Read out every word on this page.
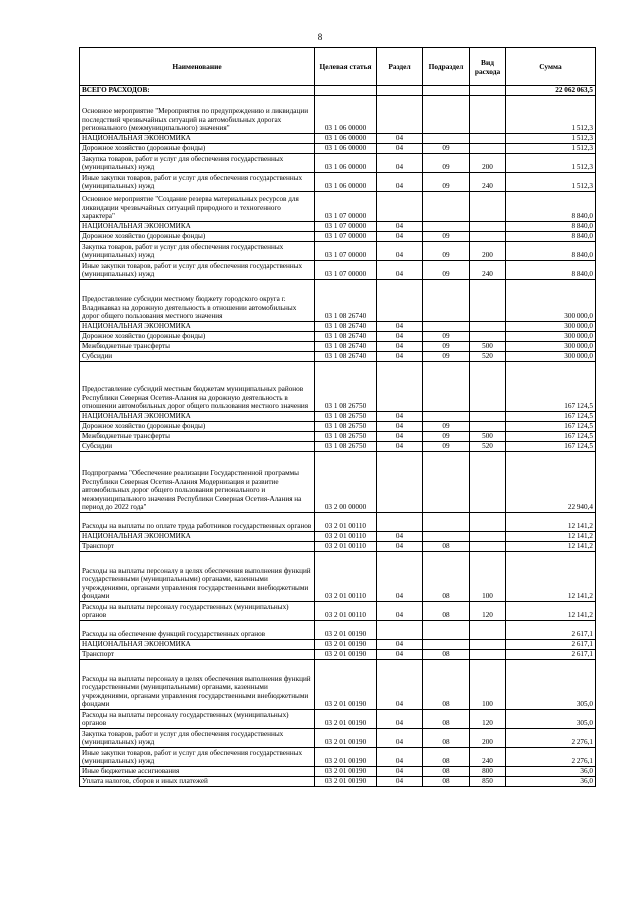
8
Наименование	Целевая статья	Раздел	Подраздел	Вид расхода	Сумма
ВСЕГО РАСХОДОВ:					22 062 063,5
Основное мероприятие "Мероприятия по предупреждению и ликвидации последствий чрезвычайных ситуаций на автомобильных дорогах регионального (межмуниципального) значения"	03 1 06 00000				1 512,3
НАЦИОНАЛЬНАЯ ЭКОНОМИКА	03 1 06 00000	04			1 512,3
Дорожное хозяйство (дорожные фонды)	03 1 06 00000	04	09		1 512,3
Закупка товаров, работ и услуг для обеспечения государственных (муниципальных) нужд	03 1 06 00000	04	09	200	1 512,3
Иные закупки товаров, работ и услуг для обеспечения государственных (муниципальных) нужд	03 1 06 00000	04	09	240	1 512,3
Основное мероприятие "Создание резерва материальных ресурсов для ликвидации чрезвычайных ситуаций природного и техногенного характера"	03 1 07 00000				8 840,0
НАЦИОНАЛЬНАЯ ЭКОНОМИКА	03 1 07 00000	04			8 840,0
Дорожное хозяйство (дорожные фонды)	03 1 07 00000	04	09		8 840,0
Закупка товаров, работ и услуг для обеспечения государственных (муниципальных) нужд	03 1 07 00000	04	09	200	8 840,0
Иные закупки товаров, работ и услуг для обеспечения государственных (муниципальных) нужд	03 1 07 00000	04	09	240	8 840,0
Предоставление субсидии местному бюджету городского округа г. Владикавказ на дорожную деятельность в отношении автомобильных дорог общего пользования местного значения	03 1 08 26740				300 000,0
НАЦИОНАЛЬНАЯ ЭКОНОМИКА	03 1 08 26740	04			300 000,0
Дорожное хозяйство (дорожные фонды)	03 1 08 26740	04	09		300 000,0
Межбюджетные трансферты	03 1 08 26740	04	09	500	300 000,0
Субсидии	03 1 08 26740	04	09	520	300 000,0
Предоставление субсидий местным бюджетам муниципальных районов Республики Северная Осетия-Алания на дорожную деятельность в отношении автомобильных дорог общего пользования местного значения	03 1 08 26750				167 124,5
НАЦИОНАЛЬНАЯ ЭКОНОМИКА	03 1 08 26750	04			167 124,5
Дорожное хозяйство (дорожные фонды)	03 1 08 26750	04	09		167 124,5
Межбюджетные трансферты	03 1 08 26750	04	09	500	167 124,5
Субсидии	03 1 08 26750	04	09	520	167 124,5
Подпрограмма "Обеспечение реализации Государственной программы Республики Северная Осетия-Алания Модернизация и развитие автомобильных дорог общего пользования регионального и межмуниципального значения Республики Северная Осетия-Алания на период до 2022 года"	03 2 00 00000				22 940,4
Расходы на выплаты по оплате труда работников государственных органов	03 2 01 00110				12 141,2
НАЦИОНАЛЬНАЯ ЭКОНОМИКА	03 2 01 00110	04			12 141,2
Транспорт	03 2 01 00110	04	08		12 141,2
Расходы на выплаты персоналу в целях обеспечения выполнения функций государственными (муниципальными) органами, казенными учреждениями, органами управления государственными внебюджетными фондами	03 2 01 00110	04	08	100	12 141,2
Расходы на выплаты персоналу государственных (муниципальных) органов	03 2 01 00110	04	08	120	12 141,2
Расходы на обеспечение функций государственных органов	03 2 01 00190				2 617,1
НАЦИОНАЛЬНАЯ ЭКОНОМИКА	03 2 01 00190	04			2 617,1
Транспорт	03 2 01 00190	04	08		2 617,1
Расходы на выплаты персоналу в целях обеспечения выполнения функций государственными (муниципальными) органами, казенными учреждениями, органами управления государственными внебюджетными фондами	03 2 01 00190	04	08	100	305,0
Расходы на выплаты персоналу государственных (муниципальных) органов	03 2 01 00190	04	08	120	305,0
Закупка товаров, работ и услуг для обеспечения государственных (муниципальных) нужд	03 2 01 00190	04	08	200	2 276,1
Иные закупки товаров, работ и услуг для обеспечения государственных (муниципальных) нужд	03 2 01 00190	04	08	240	2 276,1
Иные бюджетные ассигнования	03 2 01 00190	04	08	800	36,0
Уплата налогов, сборов и иных платежей	03 2 01 00190	04	08	850	36,0
